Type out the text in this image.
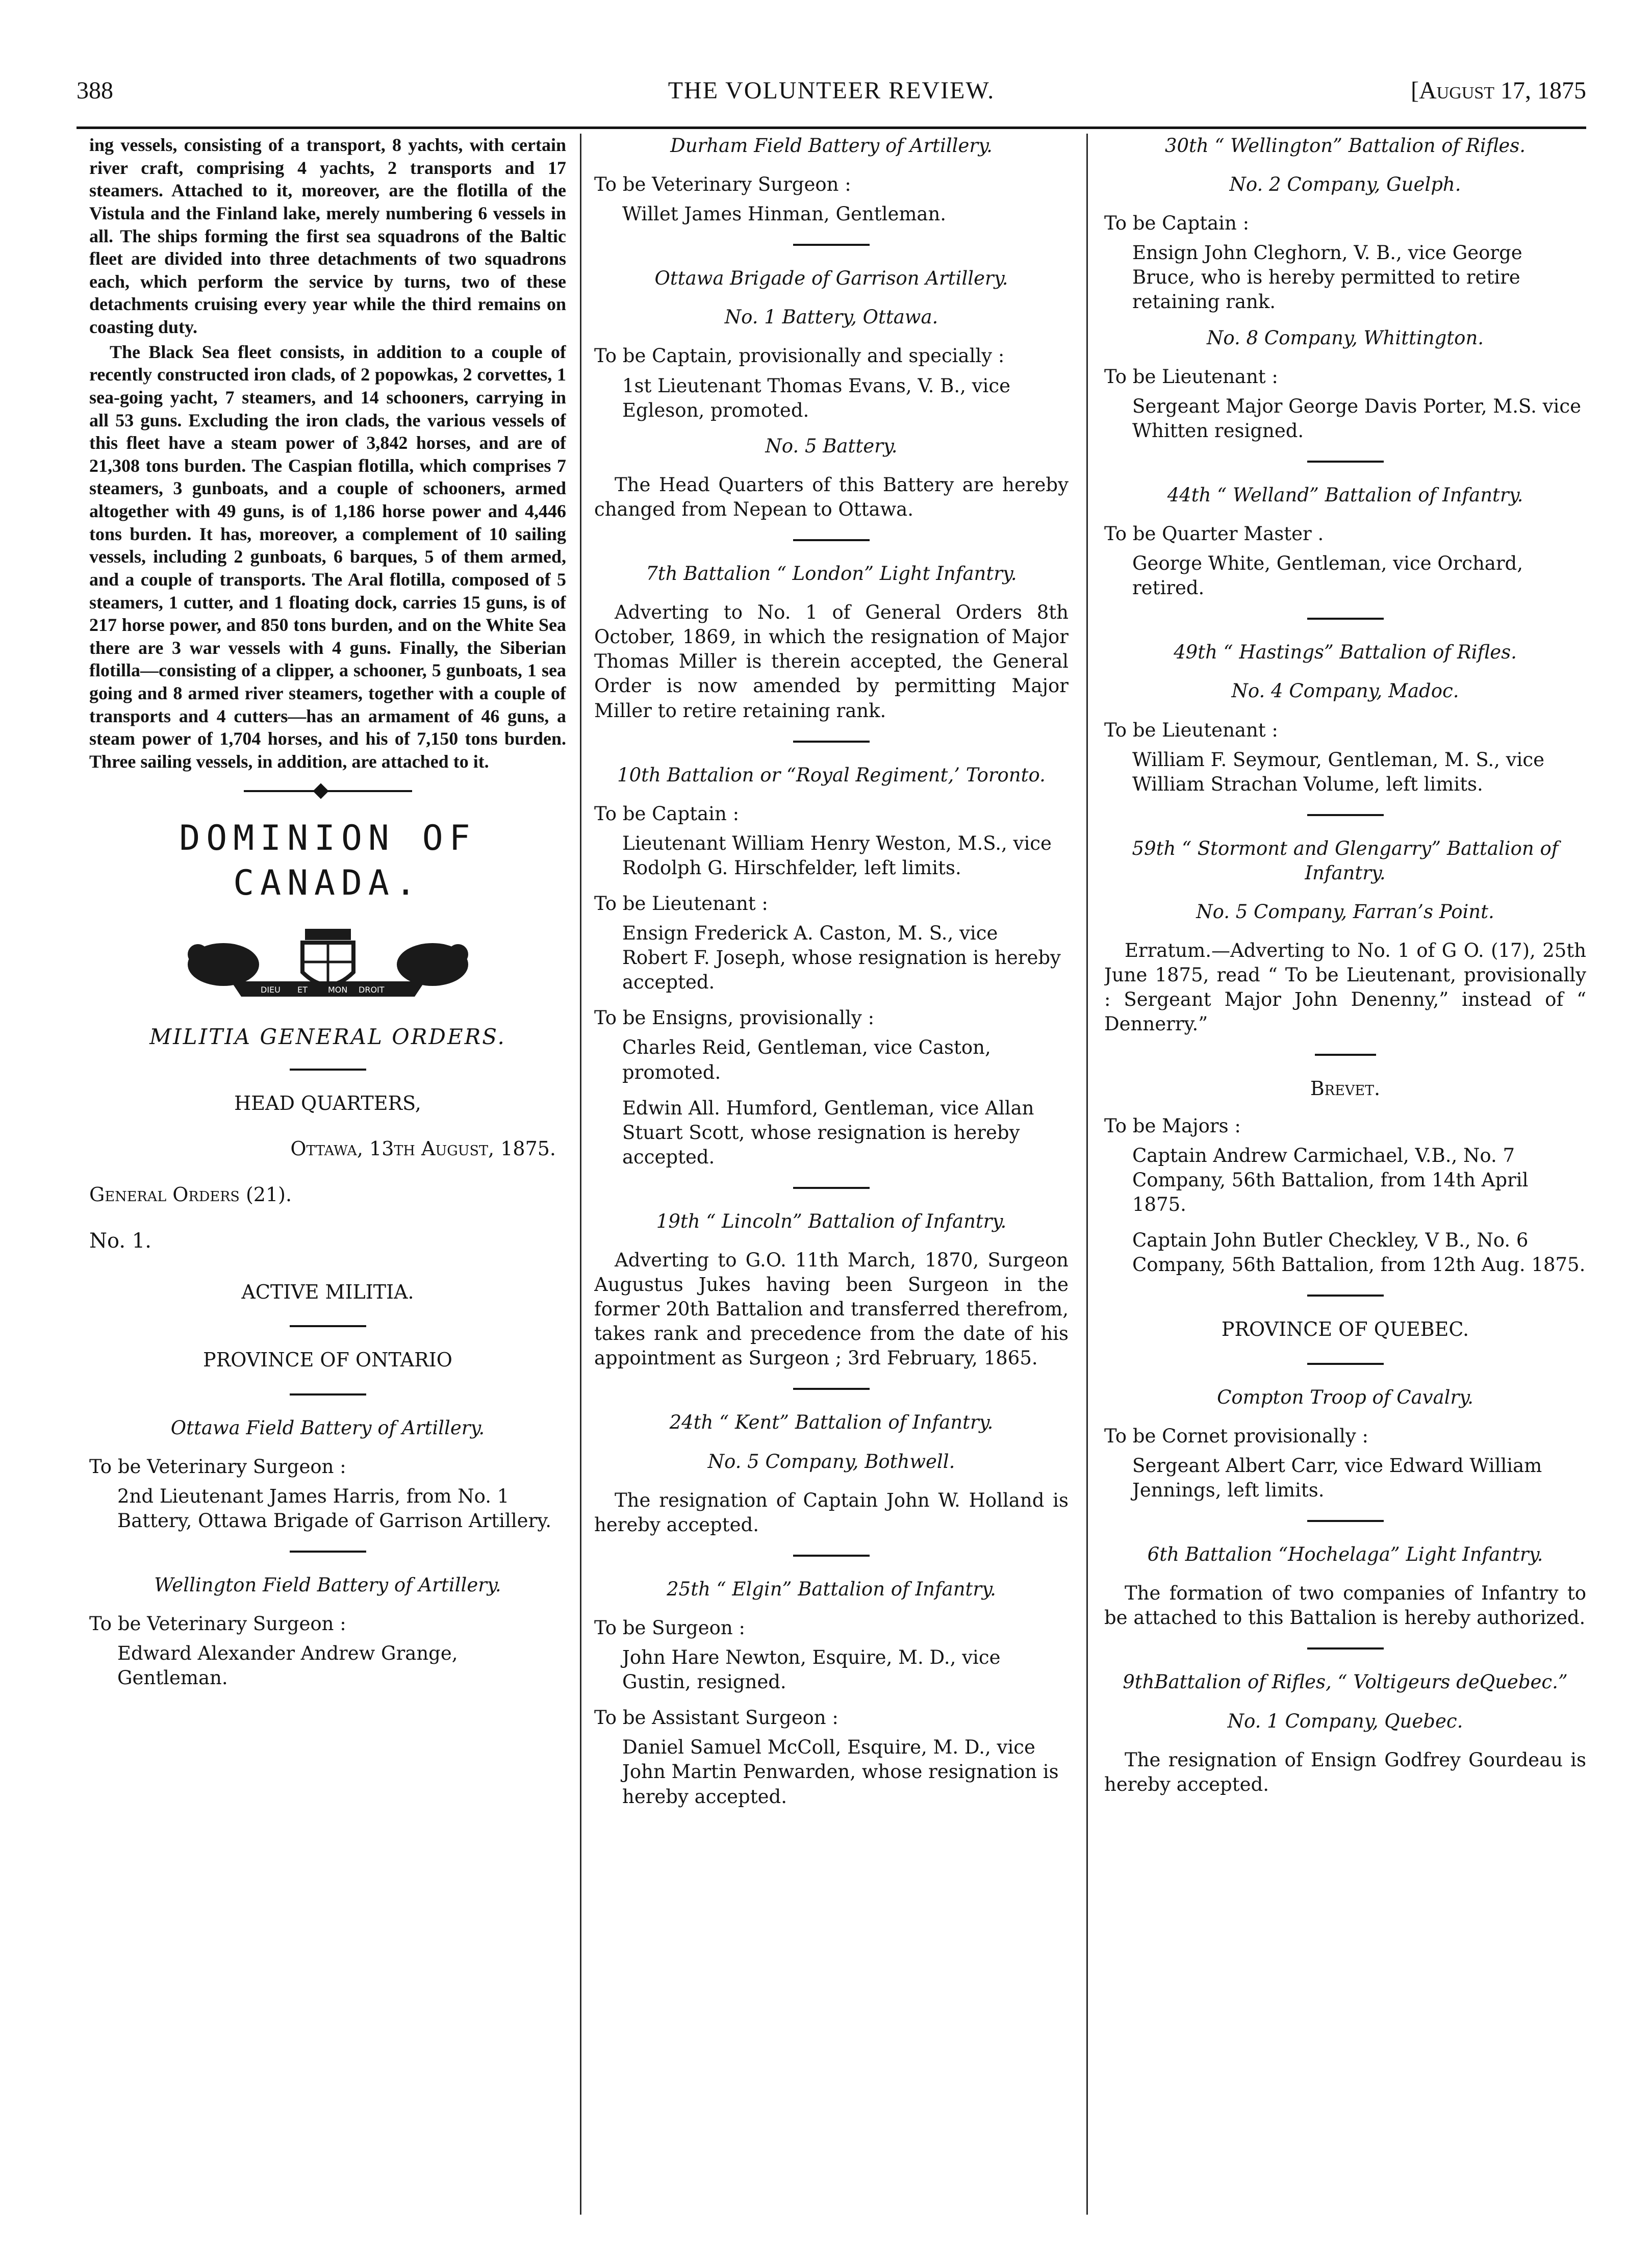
388	THE VOLUNTEER REVIEW.	[August 17, 1875

ing vessels, consisting of a transport, 8 yachts, with certain river craft, comprising 4 yachts, 2 transports and 17 steamers. Attached to it, moreover, are the flotilla of the Vistula and the Finland lake, merely numbering 6 vessels in all. The ships forming the first sea squadrons of the Baltic fleet are divided into three detachments of two squadrons each, which perform the service by turns, two of these detachments cruising every year while the third remains on coasting duty.

The Black Sea fleet consists, in addition to a couple of recently constructed iron clads, of 2 popowkas, 2 corvettes, 1 sea-going yacht, 7 steamers, and 14 schooners, carrying in all 53 guns. Excluding the iron clads, the various vessels of this fleet have a steam power of 3,842 horses, and are of 21,308 tons burden. The Caspian flotilla, which comprises 7 steamers, 3 gunboats, and a couple of schooners, armed altogether with 49 guns, is of 1,186 horse power and 4,446 tons burden. It has, moreover, a complement of 10 sailing vessels, including 2 gunboats, 6 barques, 5 of them armed, and a couple of transports. The Aral flotilla, composed of 5 steamers, 1 cutter, and 1 floating dock, carries 15 guns, is of 217 horse power, and 850 tons burden, and on the White Sea there are 3 war vessels with 4 guns. Finally, the Siberian flotilla—consisting of a clipper, a schooner, 5 gunboats, 1 sea going and 8 armed river steamers, together with a couple of transports and 4 cutters—has an armament of 46 guns, a steam power of 1,704 horses, and his of 7,150 tons burden. Three sailing vessels, in addition, are attached to it.

DOMINION OF CANADA.
DIEU ET	MON DROIT
MILITIA GENERAL ORDERS.
HEAD QUARTERS,
Ottawa, 13th August, 1875.
General Orders (21).
No. 1.
ACTIVE MILITIA.
PROVINCE OF ONTARIO
Ottawa Field Battery of Artillery.
To be Veterinary Surgeon :
2nd Lieutenant James Harris, from No. 1 Battery, Ottawa Brigade of Garrison Artillery.
Wellington Field Battery of Artillery.
To be Veterinary Surgeon :
Edward Alexander Andrew Grange, Gentleman.
Durham Field Battery of Artillery.
To be Veterinary Surgeon :
Willet James Hinman, Gentleman.
Ottawa Brigade of Garrison Artillery.
No. 1 Battery, Ottawa.
To be Captain, provisionally and specially :
1st Lieutenant Thomas Evans, V. B., vice Egleson, promoted.
No. 5 Battery.
The Head Quarters of this Battery are hereby changed from Nepean to Ottawa.
7th Battalion “ London” Light Infantry.
Adverting to No. 1 of General Orders 8th October, 1869, in which the resignation of Major Thomas Miller is therein accepted, the General Order is now amended by permitting Major Miller to retire retaining rank.
10th Battalion or “Royal Regiment,’ Toronto.
To be Captain :
Lieutenant William Henry Weston, M.S., vice Rodolph G. Hirschfelder, left limits.
To be Lieutenant :
Ensign Frederick A. Caston, M. S., vice Robert F. Joseph, whose resignation is hereby accepted.
To be Ensigns, provisionally :
Charles Reid, Gentleman, vice Caston, promoted.
Edwin All. Humford, Gentleman, vice Allan Stuart Scott, whose resignation is hereby accepted.
19th “ Lincoln” Battalion of Infantry.
Adverting to G.O. 11th March, 1870, Surgeon Augustus Jukes having been Surgeon in the former 20th Battalion and transferred therefrom, takes rank and precedence from the date of his appointment as Surgeon ; 3rd February, 1865.
24th “ Kent” Battalion of Infantry.
No. 5 Company, Bothwell.
The resignation of Captain John W. Holland is hereby accepted.
25th “ Elgin” Battalion of Infantry.
To be Surgeon :
John Hare Newton, Esquire, M. D., vice Gustin, resigned.
To be Assistant Surgeon :
Daniel Samuel McColl, Esquire, M. D., vice John Martin Penwarden, whose resignation is hereby accepted.
30th “ Wellington” Battalion of Rifles.
No. 2 Company, Guelph.
To be Captain :
Ensign John Cleghorn, V. B., vice George Bruce, who is hereby permitted to retire retaining rank.
No. 8 Company, Whittington.
To be Lieutenant :
Sergeant Major George Davis Porter, M.S. vice Whitten resigned.
44th “ Welland” Battalion of Infantry.
To be Quarter Master .
George White, Gentleman, vice Orchard, retired.
49th “ Hastings” Battalion of Rifles.
No. 4 Company, Madoc.
To be Lieutenant :
William F. Seymour, Gentleman, M. S., vice William Strachan Volume, left limits.
59th “ Stormont and Glengarry” Battalion of Infantry.
No. 5 Company, Farran’s Point.
Erratum.—Adverting to No. 1 of G O. (17), 25th June 1875, read “ To be Lieutenant, provisionally : Sergeant Major John Denenny,” instead of “ Dennerry.”
Brevet.
To be Majors :
Captain Andrew Carmichael, V.B., No. 7 Company, 56th Battalion, from 14th April 1875.
Captain John Butler Checkley, V B., No. 6 Company, 56th Battalion, from 12th Aug. 1875.
PROVINCE OF QUEBEC.
Compton Troop of Cavalry.
To be Cornet provisionally :
Sergeant Albert Carr, vice Edward William Jennings, left limits.
6th Battalion “Hochelaga” Light Infantry.
The formation of two companies of Infantry to be attached to this Battalion is hereby authorized.
9thBattalion of Rifles, “ Voltigeurs deQuebec.”
No. 1 Company, Quebec.
The resignation of Ensign Godfrey Gourdeau is hereby accepted.
